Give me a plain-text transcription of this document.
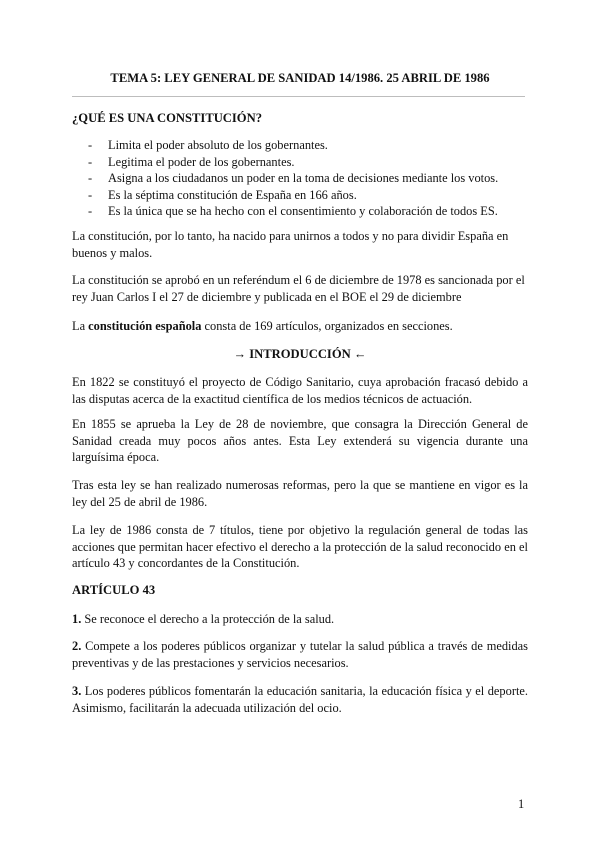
TEMA 5: LEY GENERAL DE SANIDAD 14/1986. 25 ABRIL DE 1986
¿QUÉ ES UNA CONSTITUCIÓN?
- Limita el poder absoluto de los gobernantes.
- Legitima el poder de los gobernantes.
- Asigna a los ciudadanos un poder en la toma de decisiones mediante los votos.
- Es la séptima constitución de España en 166 años.
- Es la única que se ha hecho con el consentimiento y colaboración de todos ES.

La constitución, por lo tanto, ha nacido para unirnos a todos y no para dividir España en buenos y malos.

La constitución se aprobó en un referéndum el 6 de diciembre de 1978 es sancionada por el rey Juan Carlos I el 27 de diciembre y publicada en el BOE el 29 de diciembre

La constitución española consta de 169 artículos, organizados en secciones.

→ INTRODUCCIÓN ←

En 1822 se constituyó el proyecto de Código Sanitario, cuya aprobación fracasó debido a las disputas acerca de la exactitud científica de los medios técnicos de actuación.

En 1855 se aprueba la Ley de 28 de noviembre, que consagra la Dirección General de Sanidad creada muy pocos años antes. Esta Ley extenderá su vigencia durante una larguísima época.

Tras esta ley se han realizado numerosas reformas, pero la que se mantiene en vigor es la ley del 25 de abril de 1986.

La ley de 1986 consta de 7 títulos, tiene por objetivo la regulación general de todas las acciones que permitan hacer efectivo el derecho a la protección de la salud reconocido en el artículo 43 y concordantes de la Constitución.

ARTÍCULO 43

1. Se reconoce el derecho a la protección de la salud.

2. Compete a los poderes públicos organizar y tutelar la salud pública a través de medidas preventivas y de las prestaciones y servicios necesarios.

3. Los poderes públicos fomentarán la educación sanitaria, la educación física y el deporte. Asimismo, facilitarán la adecuada utilización del ocio.

1
